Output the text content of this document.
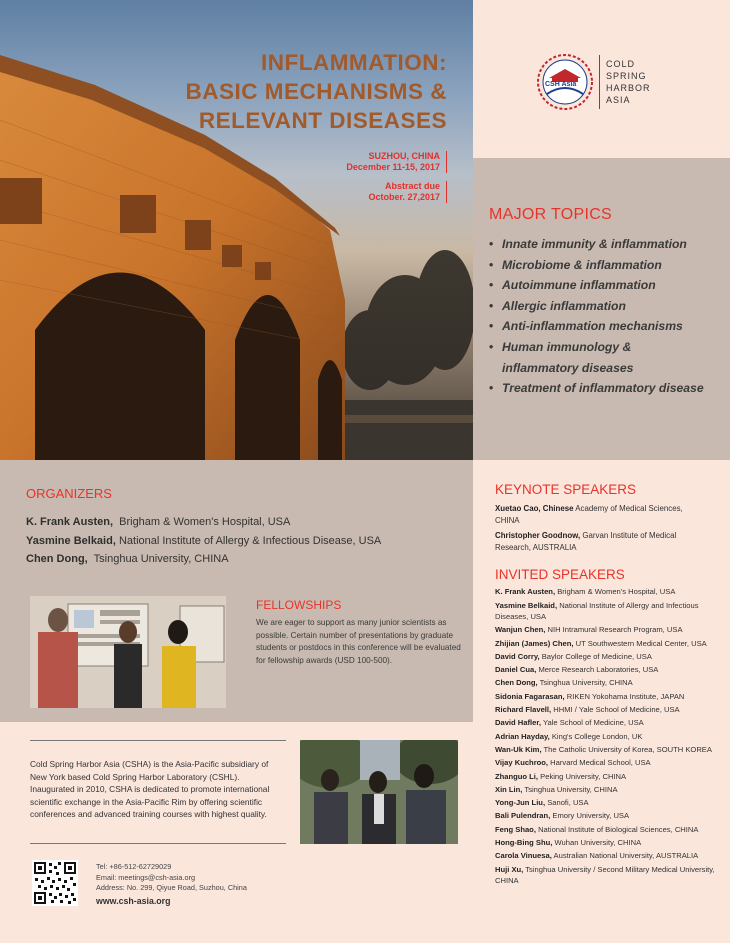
INFLAMMATION:
BASIC MECHANISMS &
RELEVANT DISEASES
SUZHOU, CHINA
December 11-15, 2017
Abstract due
October. 27,2017
CSH Asia
COLD
SPRING
HARBOR
ASIA
MAJOR TOPICS
• Innate immunity & inflammation
• Microbiome & inflammation
• Autoimmune inflammation
• Allergic inflammation
• Anti-inflammation mechanisms
• Human immunology &
inflammatory diseases
• Treatment of inflammatory disease
ORGANIZERS
K. Frank Austen, Brigham & Women's Hospital, USA
Yasmine Belkaid, National Institute of Allergy & Infectious Disease, USA
Chen Dong, Tsinghua University, CHINA
FELLOWSHIPS
We are eager to support as many junior scientists as possible. Certain number of presentations by graduate students or postdocs in this conference will be evaluated for fellowship awards (USD 100-500).
Cold Spring Harbor Asia (CSHA) is the Asia-Pacific subsidiary of New York based Cold Spring Harbor Laboratory (CSHL). Inaugurated in 2010, CSHA is dedicated to promote international scientific exchange in the Asia-Pacific Rim by offering scientific conferences and advanced training courses with highest quality.
Tel: +86-512-62729029
Email: meetings@csh-asia.org
Address: No. 299, Qiyue Road, Suzhou, China
www.csh-asia.org
KEYNOTE SPEAKERS
Xuetao Cao, Chinese Academy of Medical Sciences, CHINA
Christopher Goodnow, Garvan Institute of Medical Research, AUSTRALIA
INVITED SPEAKERS
K. Frank Austen, Brigham & Women's Hospital, USA
Yasmine Belkaid, National Institute of Allergy and Infectious Diseases, USA
Wanjun Chen, NIH Intramural Research Program, USA
Zhijian (James) Chen, UT Southwestern Medical Center, USA
David Corry, Baylor College of Medicine, USA
Daniel Cua, Merce Research Laboratories, USA
Chen Dong, Tsinghua University, CHINA
Sidonia Fagarasan, RIKEN Yokohama Institute, JAPAN
Richard Flavell, HHMI / Yale School of Medicine, USA
David Hafler, Yale School of Medicine, USA
Adrian Hayday, King's College London, UK
Wan-Uk Kim, The Catholic University of Korea, SOUTH KOREA
Vijay Kuchroo, Harvard Medical School, USA
Zhanguo Li, Peking University, CHINA
Xin Lin, Tsinghua University, CHINA
Yong-Jun Liu, Sanofi, USA
Bali Pulendran, Emory University, USA
Feng Shao, National Institute of Biological Sciences, CHINA
Hong-Bing Shu, Wuhan University, CHINA
Carola Vinuesa, Australian National University, AUSTRALIA
Huji Xu, Tsinghua University / Second Military Medical University, CHINA
